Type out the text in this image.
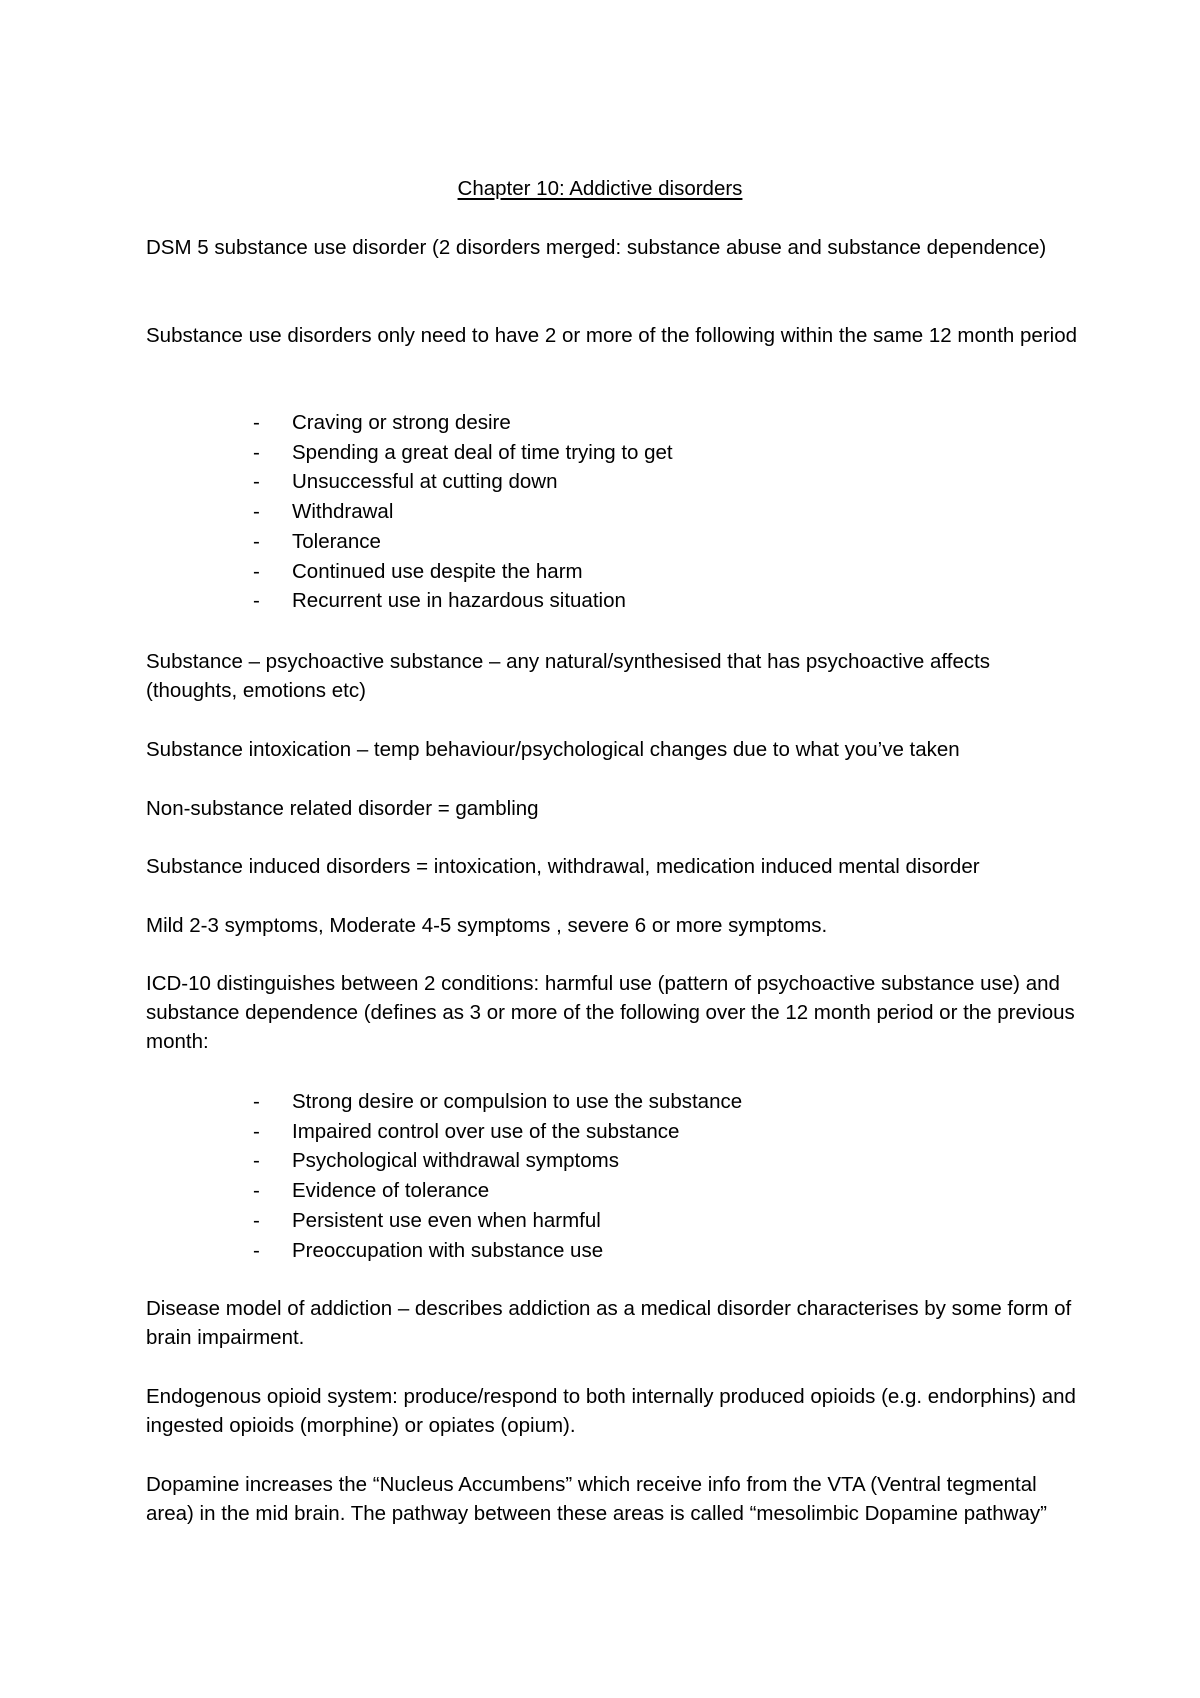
Chapter 10: Addictive disorders

DSM 5 substance use disorder (2 disorders merged: substance abuse and substance dependence)

Substance use disorders only need to have 2 or more of the following within the same 12 month period

- Craving or strong desire
- Spending a great deal of time trying to get
- Unsuccessful at cutting down
- Withdrawal
- Tolerance
- Continued use despite the harm
- Recurrent use in hazardous situation

Substance – psychoactive substance – any natural/synthesised that has psychoactive affects (thoughts, emotions etc)

Substance intoxication – temp behaviour/psychological changes due to what you’ve taken

Non-substance related disorder = gambling

Substance induced disorders = intoxication, withdrawal, medication induced mental disorder

Mild 2-3 symptoms, Moderate 4-5 symptoms , severe 6 or more symptoms.

ICD-10 distinguishes between 2 conditions: harmful use (pattern of psychoactive substance use) and substance dependence (defines as 3 or more of the following over the 12 month period or the previous month:

- Strong desire or compulsion to use the substance
- Impaired control over use of the substance
- Psychological withdrawal symptoms
- Evidence of tolerance
- Persistent use even when harmful
- Preoccupation with substance use

Disease model of addiction – describes addiction as a medical disorder characterises by some form of brain impairment.

Endogenous opioid system: produce/respond to both internally produced opioids (e.g. endorphins) and ingested opioids (morphine) or opiates (opium).

Dopamine increases the “Nucleus Accumbens” which receive info from the VTA (Ventral tegmental area) in the mid brain. The pathway between these areas is called “mesolimbic Dopamine pathway”
